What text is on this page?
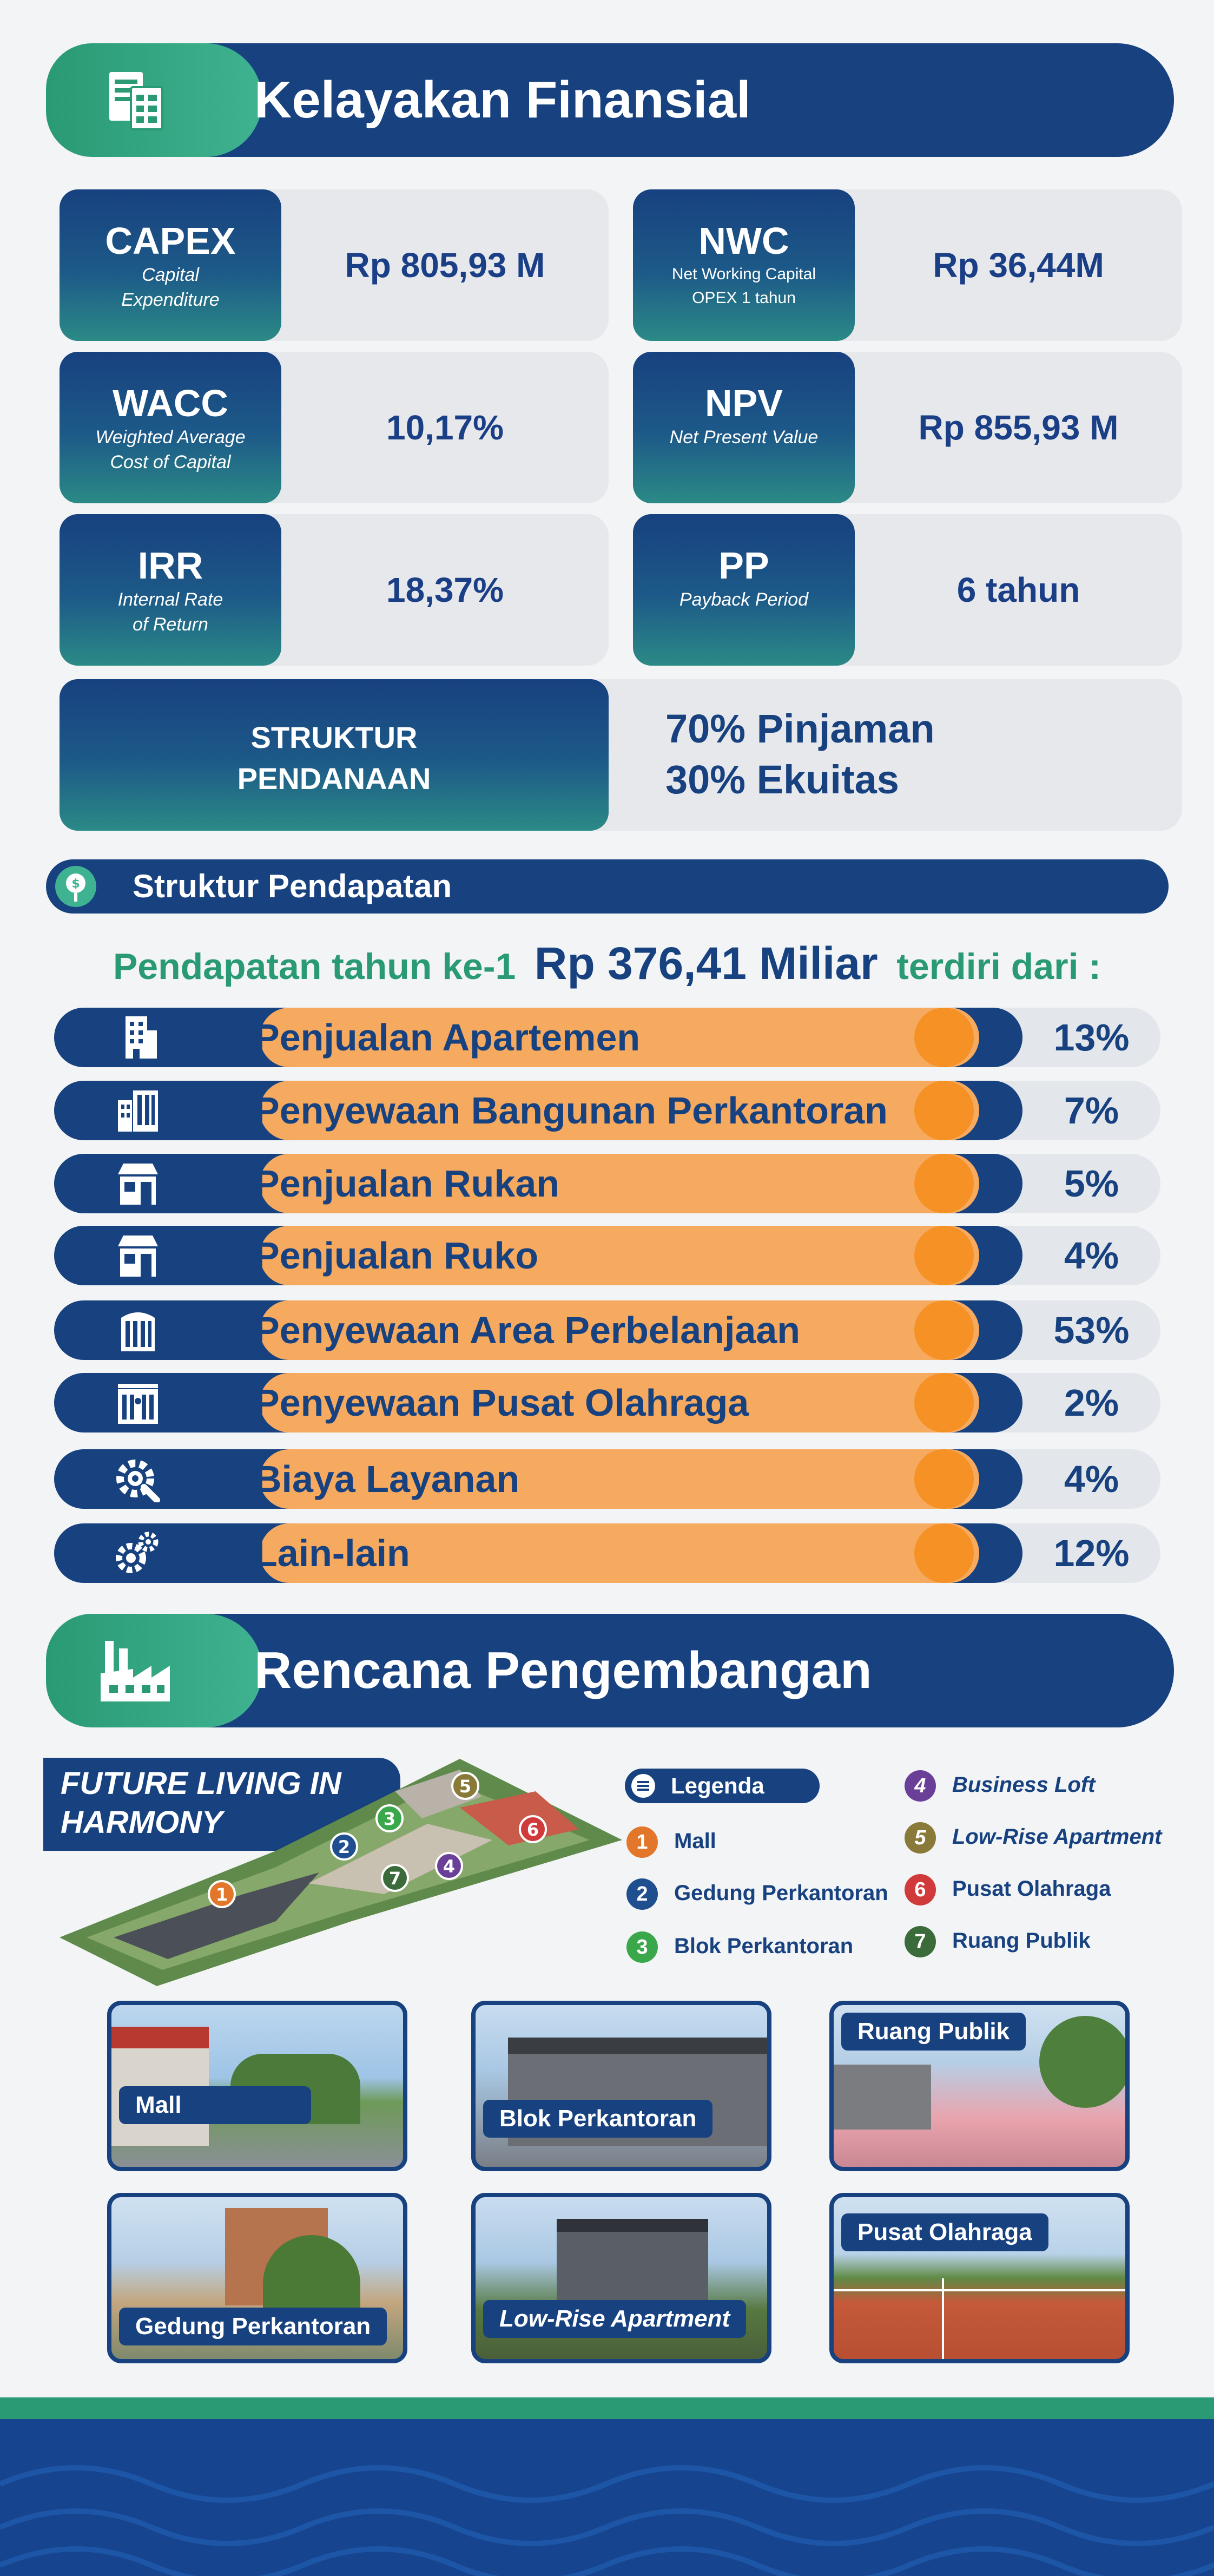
Kelayakan Finansial
CAPEX
Capital
Expenditure
Rp 805,93 M
NWC
Net Working Capital
OPEX 1 tahun
Rp 36,44M
WACC
Weighted Average
Cost of Capital
10,17%
NPV
Net Present Value	Rp 855,93 M
IRR
Internal Rate
of Return
18,37%
PP
Payback Period	6 tahun
STRUKTUR
PENDANAAN
70% Pinjaman
30% Ekuitas
$ Struktur Pendapatan
Pendapatan tahun ke-1 Rp 376,41 Miliar terdiri dari :
Penjualan Apartemen	13%
Penyewaan Bangunan Perkantoran	7%
Penjualan Rukan	5%
Penjualan Ruko	4%
Penyewaan Area Perbelanjaan	53%
Penyewaan Pusat Olahraga	2%
Biaya Layanan	4%
Lain-lain	12%
Rencana Pengembangan
FUTURE LIVING IN
HARMONY
1
2
3
4
5
6
7
Legenda
1 Mall
2 Gedung Perkantoran
3 Blok Perkantoran
4 Business Loft
5 Low-Rise Apartment
6 Pusat Olahraga
7 Ruang Publik
Mall
Blok Perkantoran
Ruang Publik
Gedung Perkantoran	Low-Rise Apartment
Pusat Olahraga
